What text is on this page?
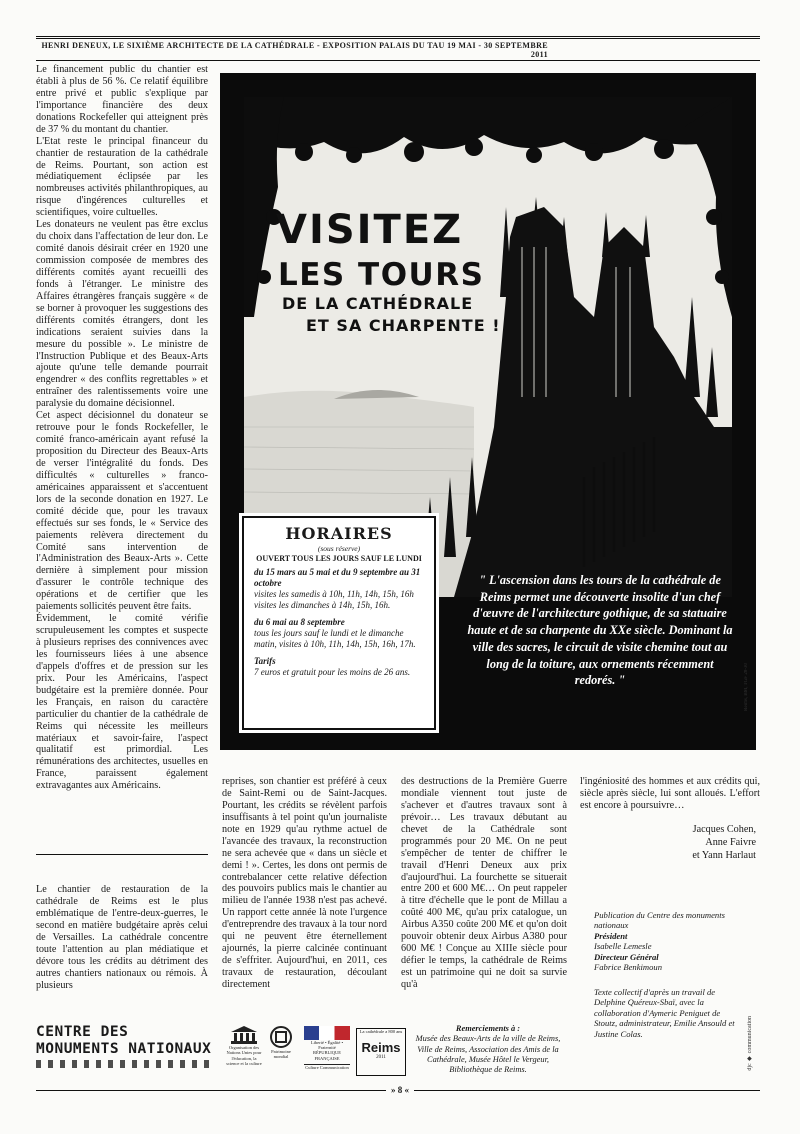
HENRI DENEUX, LE SIXIÈME ARCHITECTE DE LA CATHÉDRALE - EXPOSITION PALAIS DU TAU 19 MAI - 30 SEPTEMBRE 2011

Le financement public du chantier est établi à plus de 56 %. Ce relatif équilibre entre privé et public s'explique par l'importance financière des deux donations Rockefeller qui atteignent près de 37 % du montant du chantier.

L'Etat reste le principal financeur du chantier de restauration de la cathédrale de Reims. Pourtant, son action est médiatiquement éclipsée par les nombreuses activités philanthropiques, au risque d'ingérences culturelles et scientifiques, voire cultuelles.

Les donateurs ne veulent pas être exclus du choix dans l'affectation de leur don. Le comité danois désirait créer en 1920 une commission composée de membres des différents comités ayant recueilli des fonds à l'étranger. Le ministre des Affaires étrangères français suggère « de se borner à provoquer les suggestions des différents comités étrangers, dont les indications seraient suivies dans la mesure du possible ». Le ministre de l'Instruction Publique et des Beaux-Arts ajoute qu'une telle demande pourrait engendrer « des conflits regrettables » et entraîner des ralentissements voire une paralysie du domaine décisionnel.

Cet aspect décisionnel du donateur se retrouve pour le fonds Rockefeller, le comité franco-américain ayant refusé la proposition du Directeur des Beaux-Arts de verser l'intégralité du fonds. Des difficultés « culturelles » franco-américaines apparaissent et s'accentuent lors de la seconde donation en 1927. Le comité décide que, pour les travaux effectués sur ses fonds, le « Service des paiements relèvera directement du Comité sans intervention de l'Administration des Beaux-Arts ». Cette dernière à simplement pour mission d'assurer le contrôle technique des opérations et de certifier que les paiements sollicités peuvent être faits.

Évidemment, le comité vérifie scrupuleusement les comptes et suspecte à plusieurs reprises des connivences avec les fournisseurs liées à une absence d'appels d'offres et de pression sur les prix. Pour les Américains, l'aspect budgétaire est la première donnée. Pour les Français, en raison du caractère particulier du chantier de la cathédrale de Reims qui nécessite les meilleurs matériaux et savoir-faire, l'aspect qualitatif est primordial. Les rémunérations des architectes, usuelles en France, paraissent également extravagantes aux Américains.

Le chantier de restauration de la cathédrale de Reims est le plus emblématique de l'entre-deux-guerres, le second en matière budgétaire après celui de Versailles. La cathédrale concentre toute l'attention au plan médiatique et dévore tous les crédits au détriment des autres chantiers nationaux ou rémois. À plusieurs

VISITEZ
LES TOURS
DE LA CATHÉDRALE
ET SA CHARPENTE !
Reims, BM, TGF 28-30
HORAIRES
(sous réserve)
OUVERT TOUS LES JOURS SAUF LE LUNDI
du 15 mars au 5 mai et du 9 septembre au 31 octobre
visites les samedis à 10h, 11h, 14h, 15h, 16h
visites les dimanches à 14h, 15h, 16h.
du 6 mai au 8 septembre
tous les jours sauf le lundi et le dimanche matin, visites à 10h, 11h, 14h, 15h, 16h, 17h.
Tarifs
7 euros et gratuit pour les moins de 26 ans.
" L'ascension dans les tours de la cathédrale de Reims permet une découverte insolite d'un chef d'œuvre de l'architecture gothique, de sa statuaire haute et de sa charpente du XXe siècle. Dominant la ville des sacres, le circuit de visite chemine tout au long de la toiture, aux ornements récemment redorés. "

reprises, son chantier est préféré à ceux de Saint-Remi ou de Saint-Jacques. Pourtant, les crédits se révèlent parfois insuffisants à tel point qu'un journaliste note en 1929 qu'au rythme actuel de l'avancée des travaux, la reconstruction ne sera achevée que « dans un siècle et demi ! ». Certes, les dons ont permis de contrebalancer cette relative défection des pouvoirs publics mais le chantier au milieu de l'année 1938 n'est pas achevé. Un rapport cette année là note l'urgence d'entreprendre des travaux à la tour nord qui ne peuvent être éternellement ajournés, la pierre calcinée continuant de s'effriter. Aujourd'hui, en 2011, ces travaux de restauration, découlant directement

des destructions de la Première Guerre mondiale viennent tout juste de s'achever et d'autres travaux sont à prévoir… Les travaux débutant au chevet de la Cathédrale sont programmés pour 20 M€. On ne peut s'empêcher de tenter de chiffrer le travail d'Henri Deneux aux prix d'aujourd'hui. La fourchette se situerait entre 200 et 600 M€… On peut rappeler à titre d'échelle que le pont de Millau a coûté 400 M€, qu'au prix catalogue, un Airbus A350 coûte 200 M€ et qu'on doit pouvoir obtenir deux Airbus A380 pour 600 M€ ! Conçue au XIIIe siècle pour défier le temps, la cathédrale de Reims est un patrimoine qui ne doit sa survie qu'à

l'ingéniosité des hommes et aux crédits qui, siècle après siècle, lui sont alloués. L'effort est encore à poursuivre…

Jacques Cohen,
Anne Faivre
et Yann Harlaut
Publication du Centre des monuments nationaux
Président
Isabelle Lemesle
Directeur Général
Fabrice Benkimoun
Texte collectif d'après un travail de Delphine Quéreux-Sbaï, avec la collaboration d'Aymeric Peniguet de Stoutz, administrateur, Emilie Ansould et Justine Colas.	djc ◆ communication
CENTRE DES
MONUMENTS NATIONAUX	Organisation des Nations Unies pour l'éducation, la science et la culture
Patrimoine mondial
Liberté • Égalité • Fraternité RÉPUBLIQUE FRANÇAISE
Culture Communication
La cathédrale a 800 ans
Reims
2011
Remerciements à :
Musée des Beaux-Arts de la ville de Reims, Ville de Reims, Association des Amis de la Cathédrale, Musée Hôtel le Vergeur, Bibliothèque de Reims.
» 8 «
